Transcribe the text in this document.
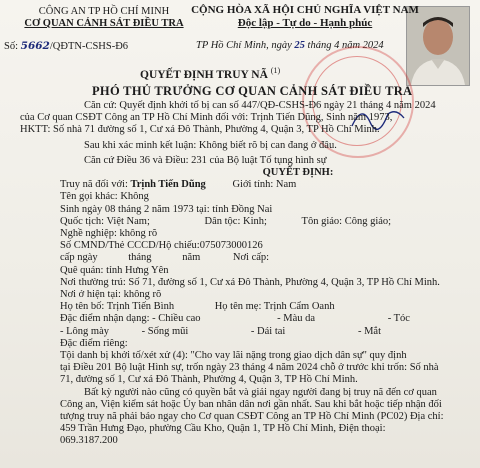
CÔNG AN TP HỒ CHÍ MINH
CƠ QUAN CẢNH SÁT ĐIỀU TRA
CỘNG HÒA XÃ HỘI CHỦ NGHĨA VIỆT NAM
Độc lập - Tự do - Hạnh phúc
Số: 5662/QĐTN-CSHS-Đ6	TP Hồ Chí Minh, ngày 25 tháng 4 năm 2024
QUYẾT ĐỊNH TRUY NÃ $^{(1)}$
PHÓ THỦ TRƯỞNG CƠ QUAN CẢNH SÁT ĐIỀU TRA
Căn cứ: Quyết định khởi tố bị can số 447/QĐ-CSHS-Đ6 ngày 21 tháng 4 năm 2024
của Cơ quan CSĐT Công an TP Hồ Chí Minh đối với: Trịnh Tiến Dũng, Sinh năm 1973,
HKTT: Số nhà 71 đường số 1, Cư xá Đô Thành, Phường 4, Quận 3, TP Hồ Chí Minh.
Sau khi xác minh kết luận: Không biết rõ bị can đang ở đâu.
Căn cứ Điều 36 và Điều: 231 của Bộ luật Tố tụng hình sự
QUYẾT ĐỊNH:
Truy nã đối với: Trịnh Tiến Dũng	Giới tính: Nam
Tên gọi khác: Không
Sinh ngày 08 tháng 2 năm 1973 tại: tỉnh Đồng Nai
Quốc tịch: Việt Nam;	Dân tộc: Kinh;	Tôn giáo: Công giáo;
Nghề nghiệp: không rõ
Số CMND/Thẻ CCCD/Hộ chiếu:075073000126
cấp ngày	tháng	năm	Nơi cấp:
Quê quán: tỉnh Hưng Yên
Nơi thường trú: Số 71, đường số 1, Cư xá Đô Thành, Phường 4, Quận 3, TP Hồ Chí Minh.
Nơi ở hiện tại: không rõ
Họ tên bố: Trịnh Tiến Bình	Họ tên mẹ: Trịnh Cẩm Oanh
Đặc điểm nhận dạng: - Chiều cao	- Màu da	- Tóc
- Lông mày	- Sống mũi	- Dái tai	- Mắt
Đặc điểm riêng:
Tội danh bị khởi tố/xét xử (4): "Cho vay lãi nặng trong giao dịch dân sự" quy định
tại Điều 201 Bộ luật Hình sự, trốn ngày 23 tháng 4 năm 2024 chỗ ở trước khi trốn: Số nhà
71, đường số 1, Cư xá Đô Thành, Phường 4, Quận 3, TP Hồ Chí Minh.
Bất kỳ người nào cũng có quyền bắt và giải ngay người đang bị truy nã đến cơ quan
Công an, Viện kiểm sát hoặc Ủy ban nhân dân nơi gần nhất. Sau khi bắt hoặc tiếp nhận đối
tượng truy nã phải báo ngay cho Cơ quan CSĐT Công an TP Hồ Chí Minh (PC02) Địa chỉ:
459 Trần Hưng Đạo, phường Cầu Kho, Quận 1, TP Hồ Chí Minh, Điện thoại:
069.3187.200
